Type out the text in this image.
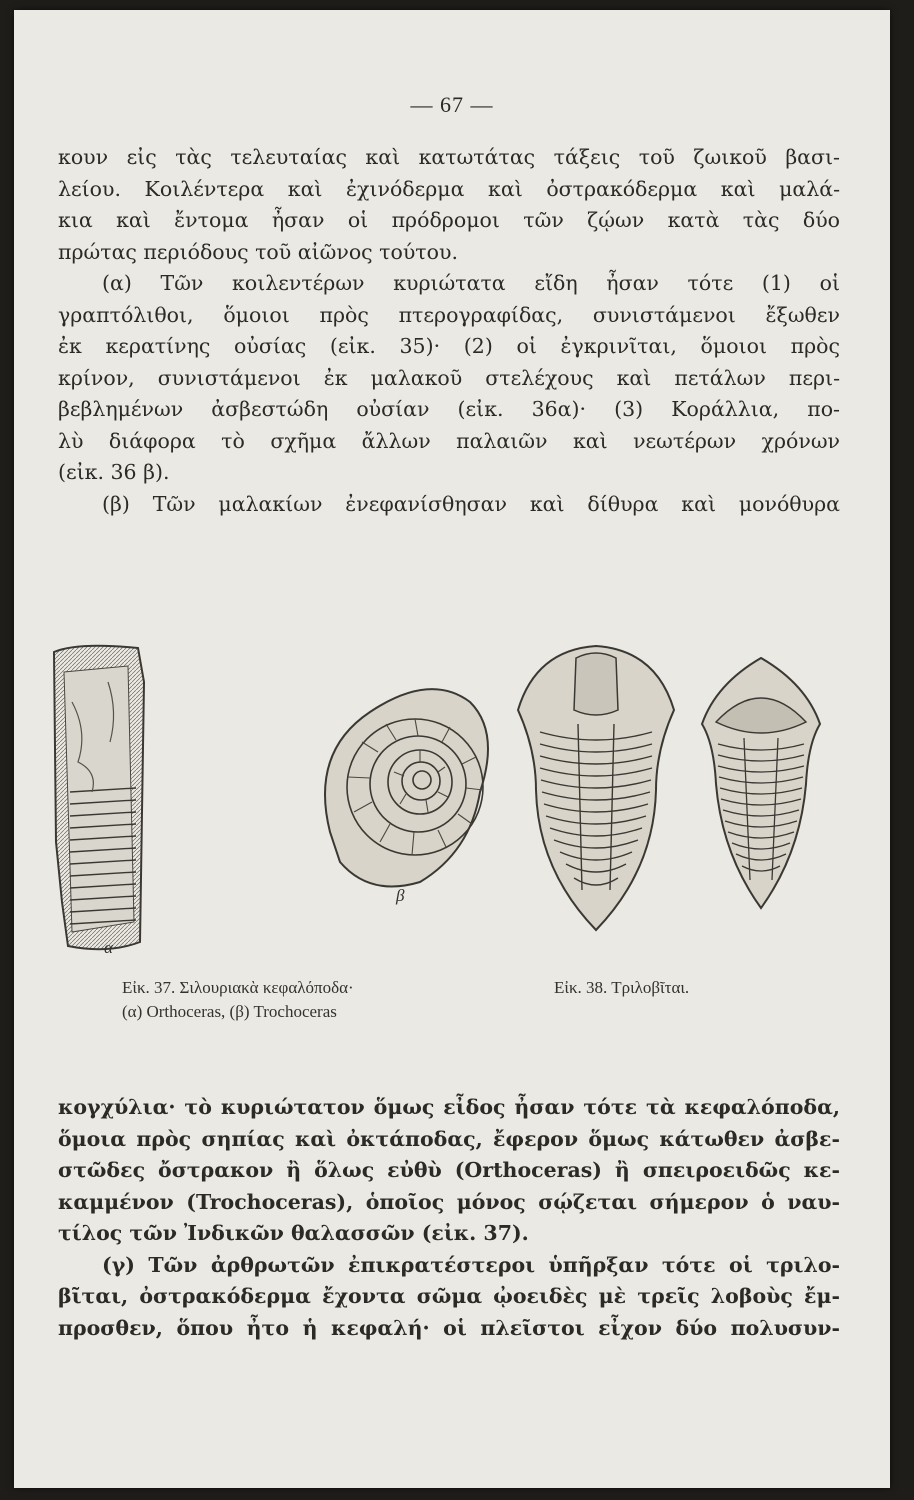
— 67 —
κουν εἰς τὰς τελευταίας καὶ κατωτάτας τάξεις τοῦ ζωικοῦ βασι-
λείου. Κοιλέντερα καὶ ἐχινόδερμα καὶ ὀστρακόδερμα καὶ μαλά-
κια καὶ ἔντομα ἦσαν οἱ πρόδρομοι τῶν ζῴων κατὰ τὰς δύο
πρώτας περιόδους τοῦ αἰῶνος τούτου.
(α) Τῶν κοιλεντέρων κυριώτατα εἴδη ἦσαν τότε (1) οἱ
γραπτόλιθοι, ὅμοιοι πρὸς πτερογραφίδας, συνιστάμενοι ἔξωθεν
ἐκ κερατίνης οὐσίας (εἰκ. 35)· (2) οἱ ἐγκρινῖται, ὅμοιοι πρὸς
κρίνον, συνιστάμενοι ἐκ μαλακοῦ στελέχους καὶ πετάλων περι-
βεβλημένων ἀσβεστώδη οὐσίαν (εἰκ. 36α)· (3) Κοράλλια, πο-
λὺ διάφορα τὸ σχῆμα ἄλλων παλαιῶν καὶ νεωτέρων χρόνων
(εἰκ. 36 β).
(β) Τῶν μαλακίων ἐνεφανίσθησαν καὶ δίθυρα καὶ μονόθυρα
α
β
Εἰκ. 37. Σιλουριακὰ κεφαλόποδα·
(α) Orthoceras, (β) Trochoceras
Εἰκ. 38. Τριλοβῖται.
κογχύλια· τὸ κυριώτατον ὅμως εἶδος ἦσαν τότε τὰ κεφαλόποδα,
ὅμοια πρὸς σηπίας καὶ ὀκτάποδας, ἔφερον ὅμως κάτωθεν ἀσβε-
στῶδες ὄστρακον ἢ ὅλως εὐθὺ (Orthoceras) ἢ σπειροειδῶς κε-
καμμένον (Trochoceras), ὁποῖος μόνος σῴζεται σήμερον ὁ ναυ-
τίλος τῶν Ἰνδικῶν θαλασσῶν (εἰκ. 37).
(γ) Τῶν ἀρθρωτῶν ἐπικρατέστεροι ὑπῆρξαν τότε οἱ τριλο-
βῖται, ὀστρακόδερμα ἔχοντα σῶμα ᾠοειδὲς μὲ τρεῖς λοβοὺς ἔμ-
προσθεν, ὅπου ἦτο ἡ κεφαλή· οἱ πλεῖστοι εἶχον δύο πολυσυν-
